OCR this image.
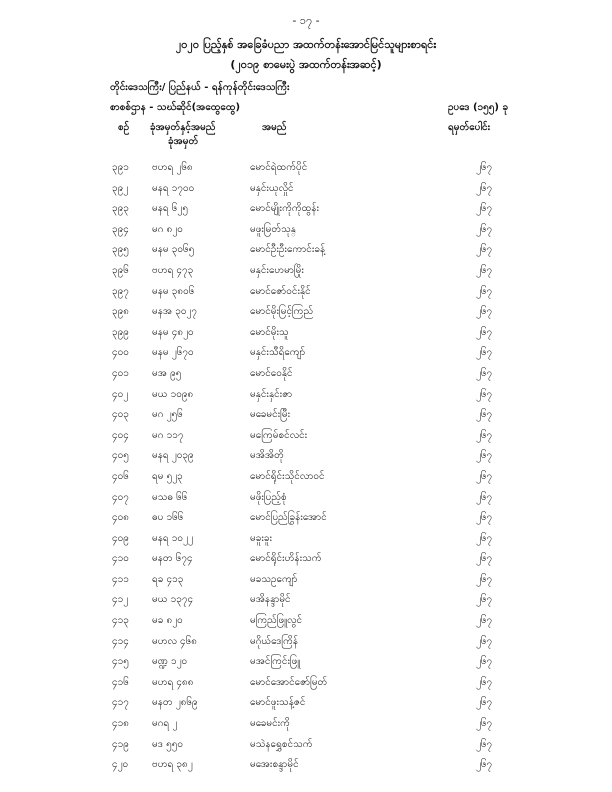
- ၁၇ -
၂၀၂၀ ပြည့်နှစ် အခြေခံပညာ အထက်တန်းအောင်မြင်သူများစာရင်း
(၂၀၁၉ စာမေးပွဲ အထက်တန်းအဆင့်)
တိုင်းဒေသကြီး/ ပြည်နယ် - ရန်ကုန်တိုင်းဒေသကြီး
စာစစ်ဌာန - သဃ်ဆိုင်(အထွေထွေ)	ဥပဒေ (၁၅၅) ခု
စဉ် ခုံအမှတ်နှင့်အမည်
ခုံအမှတ်
အမည်	ရမှတ်ပေါင်း
၃၉၁ ဗဟရ ၂၆၈	မောင်ရဲထက်ပိုင်	၂၆၇
၃၉၂ မနရ ၁၇၀၀	မနှင်းယုလှိုင်	၂၆၇
၃၉၃ မနရ ၆၂၅	မောင်မျိုးကိုကိုထွန်း	၂၆၇
၃၉၄ မဂ ၈၂၀	မဖူးမြတ်သုန္	၂၆၇
၃၉၅ မနမ ၃၀၆၅	မောင်ဦးဦးကောင်းခန့်	၂၆၇
၃၉၆ ဗဟရ ၄၇၃	မနှင်းဟေမာမြိုး	၂၆၇
၃၉၇ မနမ ၃၈၀၆	မောင်ဇော်ဝင်းနိုင်	၂၆၇
၃၉၈ မနအ ၃၀၂၇	မောင်မိုးမြင့်ကြည်	၂၆၇
၃၉၉ မနမ ၄၈၂၀	မောင်မိုးသူ	၂၆၇
၄၀၀ မနမ ၂၆၇၀	မနှင်းသီရိကျော်	၂၆၇
၄၀၁ မအ ၉၅	မောင်ဝေနိုင်	၂၆၇
၄၀၂ မယ ၁၀၉၈	မနှင်းနှင်းဇာ	၂၆၇
၄၀၃ မဂ ၂၅၆	မခေမင်းမြီး	၂၆၇
၄၀၄ မဂ ၁၁၇	မကြေမ်စင်လင်း	၂၆၇
၄၀၅ မနရ ၂၀၃၉	မအိအိတို	၂၆၇
၄၀၆ ရမ ၅၂၃	မောင်ရိုင်းသိုင်လာဝင်	၂၆၇
၄၀၇ မသဓ ၆၆	မဖိုးပြည့်စုံ	၂၆၇
၄၀၈ ဓပ ၁၆၆	မောင်ပြည်ခြွန်းအောင်	၂၆၇
၄၀၉ မနရ ၁၀၂၂	မခူးခူး	၂၆၇
၄၁၀ မနတ ၆၇၄	မောင်ရိုင်းဟိန်းသက်	၂၆၇
၄၁၁ ရခ ၄၁၃	မခသဥကျော်	၂၆၇
၄၁၂ မယ ၁၃၇၄	မအိနန္ဒာမိုင်	၂၆၇
၄၁၃ မခ ၈၂၀	မကြည်ဖြူလွင်	၂၆၇
၄၁၄ မဟလ ၄၆၈	မဂိုယ်ဒေကြိန်	၂၆၇
၄၁၅ မဏ္ဍ ၁၂၀	မအင်ကြင်းဖြူ	၂၆၇
၄၁၆ မဟရ ၄၈၈	မောင်အောင်ဇော်မြတ်	၂၆၇
၄၁၇ မနတ ၂၈၆၉	မောင်ဖူးသန့်ဇင်	၂၆၇
၄၁၈ မဂရ ၂	မခေမင်းကို	၂၆၇
၄၁၉ မဒ ၅၅၀	မသဲနရွှေစင်သက်	၂၆၇
၄၂၀ ဗဟရ ၃၈၂	မအေးစန္ဒာမိုင်	၂၆၇
